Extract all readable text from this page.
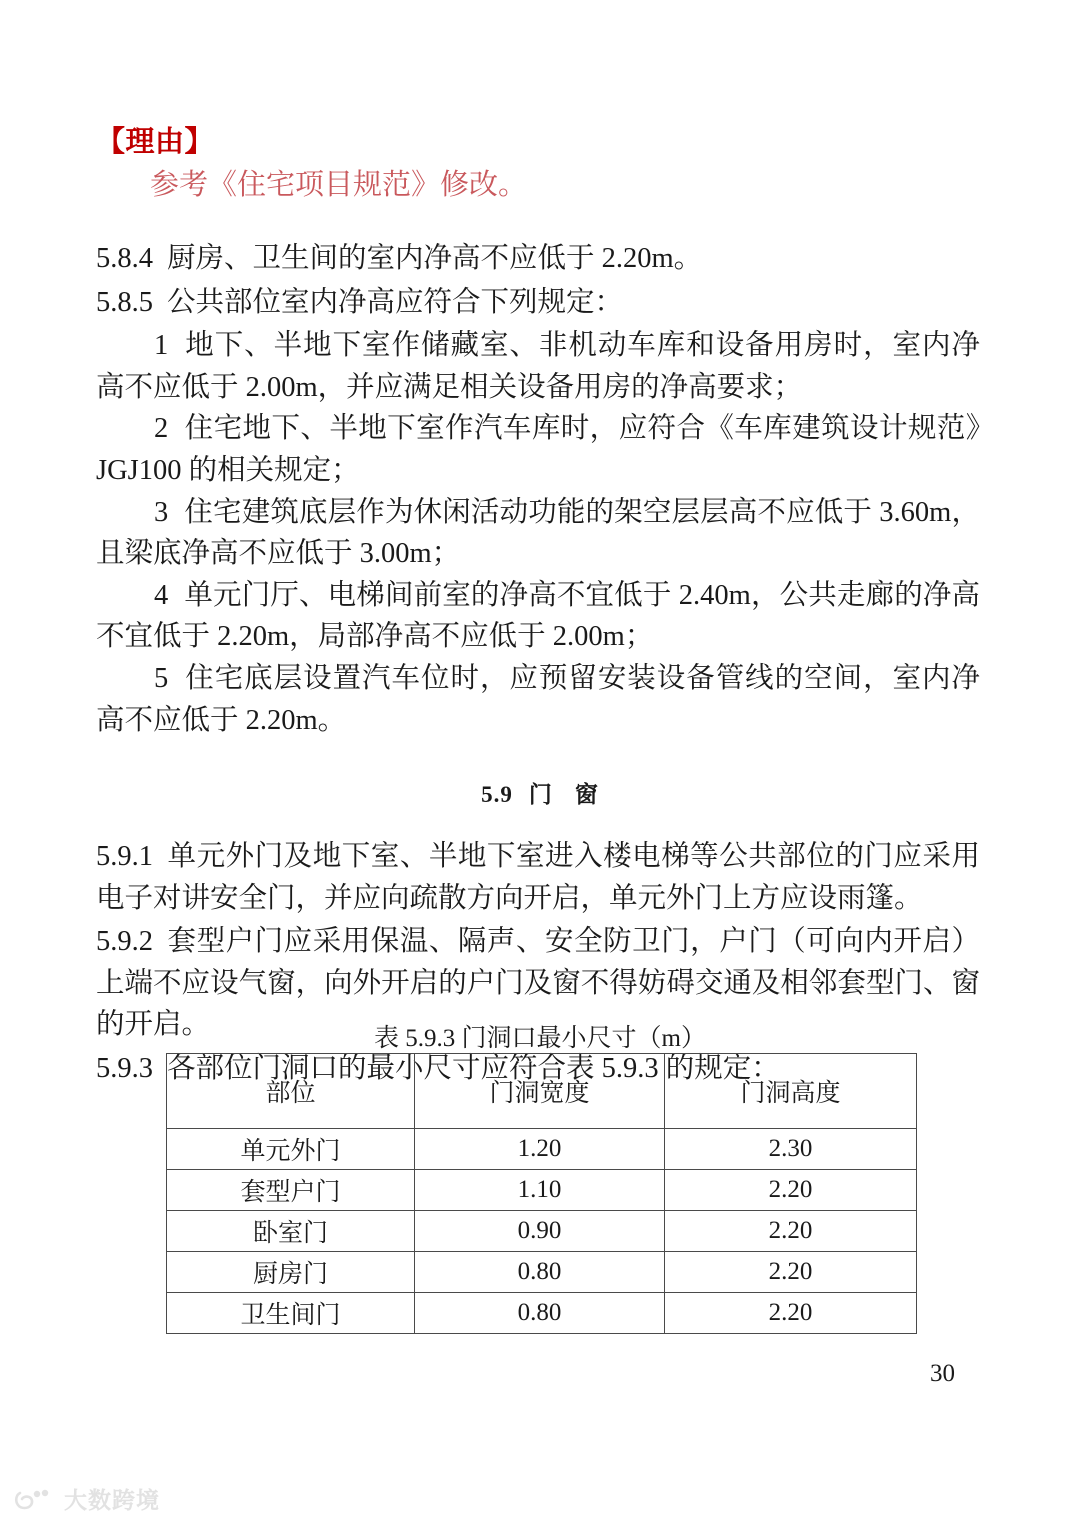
【理由】
参考《住宅项目规范》修改。

5.8.4 厨房、卫生间的室内净高不应低于 2.20m。

5.8.5 公共部位室内净高应符合下列规定：

1 地下、半地下室作储藏室、非机动车库和设备用房时，室内净高不应低于 2.00m，并应满足相关设备用房的净高要求；

2 住宅地下、半地下室作汽车库时，应符合《车库建筑设计规范》JGJ100 的相关规定；

3 住宅建筑底层作为休闲活动功能的架空层层高不应低于 3.60m，且梁底净高不应低于 3.00m；

4 单元门厅、电梯间前室的净高不宜低于 2.40m，公共走廊的净高不宜低于 2.20m，局部净高不应低于 2.00m；

5 住宅底层设置汽车位时，应预留安装设备管线的空间，室内净高不应低于 2.20m。

5.9 门 窗

5.9.1 单元外门及地下室、半地下室进入楼电梯等公共部位的门应采用电子对讲安全门，并应向疏散方向开启，单元外门上方应设雨篷。

5.9.2 套型户门应采用保温、隔声、安全防卫门，户门（可向内开启）上端不应设气窗，向外开启的户门及窗不得妨碍交通及相邻套型门、窗的开启。

5.9.3 各部位门洞口的最小尺寸应符合表 5.9.3 的规定：

表 5.9.3 门洞口最小尺寸（m）
部位	门洞宽度	门洞高度
单元外门	1.20	2.30
套型户门	1.10	2.20
卧室门	0.90	2.20
厨房门	0.80	2.20
卫生间门	0.80	2.20
30
大数跨境
